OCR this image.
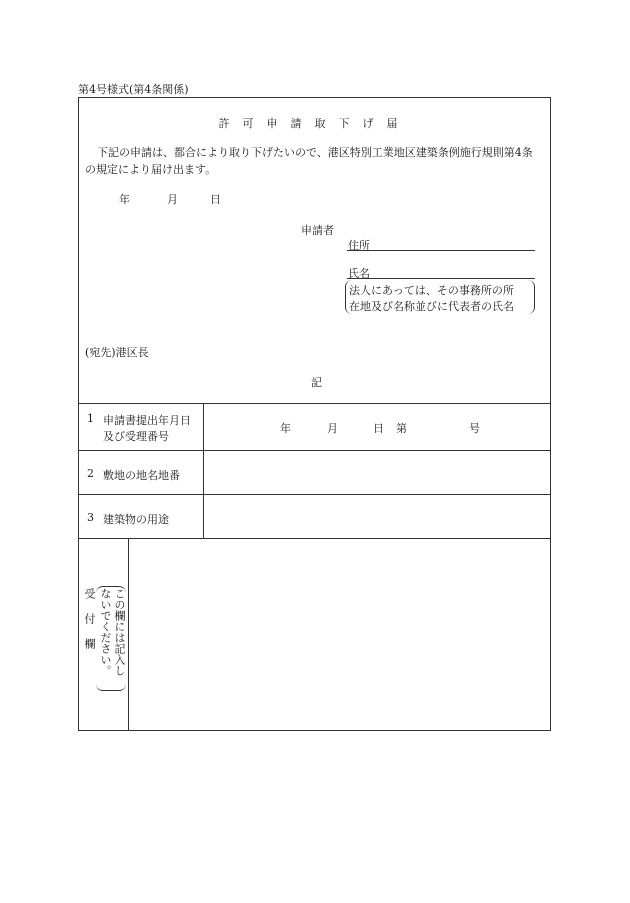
第4号様式(第4条関係)
許可申請取下げ届
下記の申請は、都合により取り下げたいので、港区特別工業地区建築条例施行規則第4条の規定により届け出ます。
年	月	日
申請者
住所
氏名
法人にあっては、その事務所の所
在地及び名称並びに代表者の氏名
(宛先)港区長
記
1 申請書提出年月日
及び受理番号
年	月	日 第	号
2 敷地の地名地番
3 建築物の用途
受付欄 この欄には記入し
ないでください。
